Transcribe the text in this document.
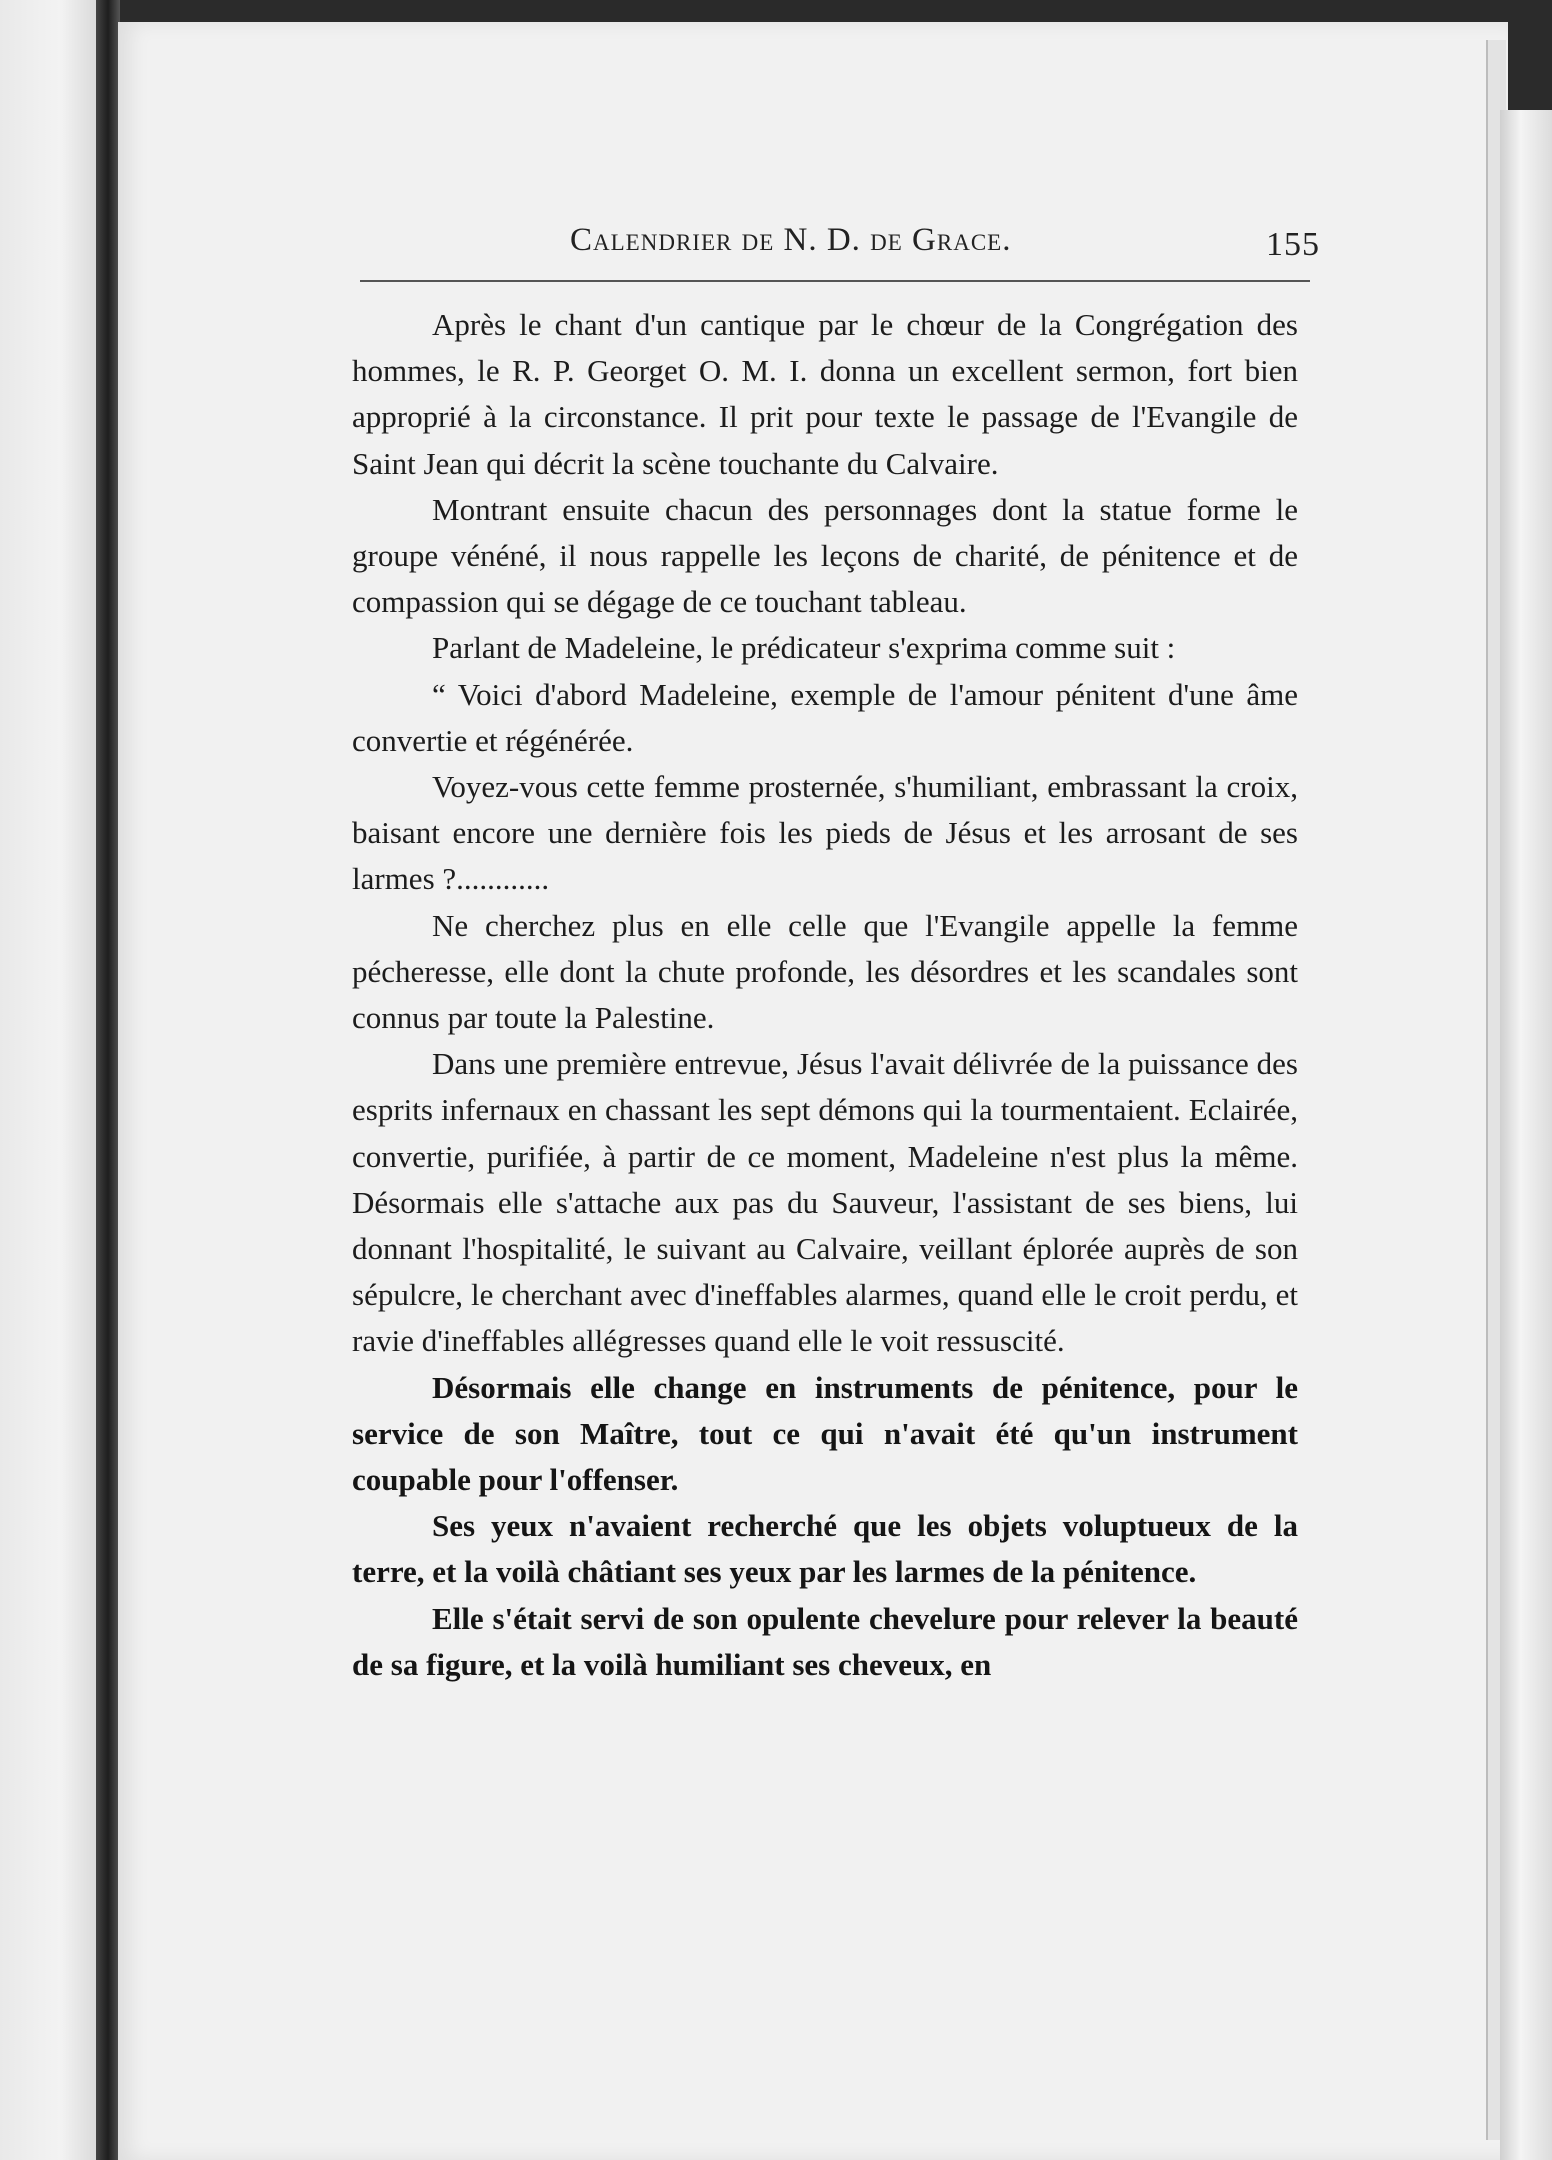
Calendrier de N. D. de Grace.	155

Après le chant d'un cantique par le chœur de la Congrégation des hommes, le R. P. Georget O. M. I. donna un excellent sermon, fort bien approprié à la circonstance. Il prit pour texte le passage de l'Evangile de Saint Jean qui décrit la scène touchante du Calvaire.

Montrant ensuite chacun des personnages dont la statue forme le groupe vénéné, il nous rappelle les leçons de charité, de pénitence et de compassion qui se dégage de ce touchant tableau.

Parlant de Madeleine, le prédicateur s'exprima comme suit :

“ Voici d'abord Madeleine, exemple de l'amour pénitent d'une âme convertie et régénérée.

Voyez-vous cette femme prosternée, s'humiliant, embrassant la croix, baisant encore une dernière fois les pieds de Jésus et les arrosant de ses larmes ?............

Ne cherchez plus en elle celle que l'Evangile appelle la femme pécheresse, elle dont la chute profonde, les désordres et les scandales sont connus par toute la Palestine.

Dans une première entrevue, Jésus l'avait délivrée de la puissance des esprits infernaux en chassant les sept démons qui la tourmentaient. Eclairée, convertie, purifiée, à partir de ce moment, Madeleine n'est plus la même. Désormais elle s'attache aux pas du Sauveur, l'assistant de ses biens, lui donnant l'hospitalité, le suivant au Calvaire, veillant éplorée auprès de son sépulcre, le cherchant avec d'ineffables alarmes, quand elle le croit perdu, et ravie d'ineffables allégresses quand elle le voit ressuscité.

Désormais elle change en instruments de pénitence, pour le service de son Maître, tout ce qui n'avait été qu'un instrument coupable pour l'offenser.

Ses yeux n'avaient recherché que les objets voluptueux de la terre, et la voilà châtiant ses yeux par les larmes de la pénitence.

Elle s'était servi de son opulente chevelure pour relever la beauté de sa figure, et la voilà humiliant ses cheveux, en
